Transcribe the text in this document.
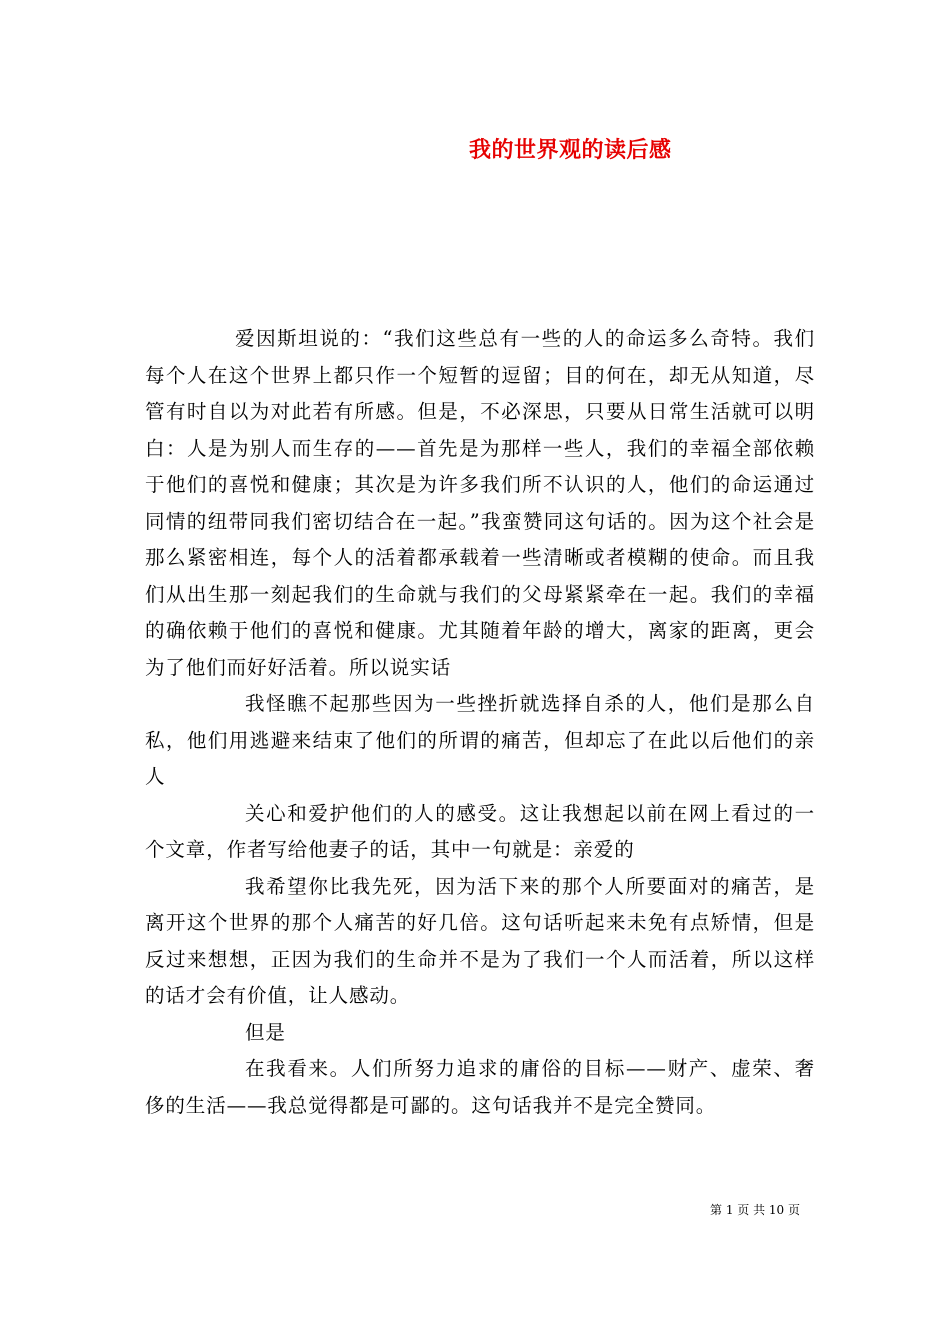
我的世界观的读后感

爱因斯坦说的：“我们这些总有一些的人的命运多么奇特。我们每个人在这个世界上都只作一个短暂的逗留；目的何在，却无从知道，尽管有时自以为对此若有所感。但是，不必深思，只要从日常生活就可以明白：人是为别人而生存的——首先是为那样一些人，我们的幸福全部依赖于他们的喜悦和健康；其次是为许多我们所不认识的人，他们的命运通过同情的纽带同我们密切结合在一起。”我蛮赞同这句话的。因为这个社会是那么紧密相连，每个人的活着都承载着一些清晰或者模糊的使命。而且我们从出生那一刻起我们的生命就与我们的父母紧紧牵在一起。我们的幸福的确依赖于他们的喜悦和健康。尤其随着年龄的增大，离家的距离，更会为了他们而好好活着。所以说实话

我怪瞧不起那些因为一些挫折就选择自杀的人，他们是那么自私，他们用逃避来结束了他们的所谓的痛苦，但却忘了在此以后他们的亲人

关心和爱护他们的人的感受。这让我想起以前在网上看过的一个文章，作者写给他妻子的话，其中一句就是：亲爱的

我希望你比我先死，因为活下来的那个人所要面对的痛苦，是离开这个世界的那个人痛苦的好几倍。这句话听起来未免有点矫情，但是反过来想想，正因为我们的生命并不是为了我们一个人而活着，所以这样的话才会有价值，让人感动。

但是

在我看来。人们所努力追求的庸俗的目标——财产、虚荣、奢侈的生活——我总觉得都是可鄙的。这句话我并不是完全赞同。

第 1 页 共 10 页
